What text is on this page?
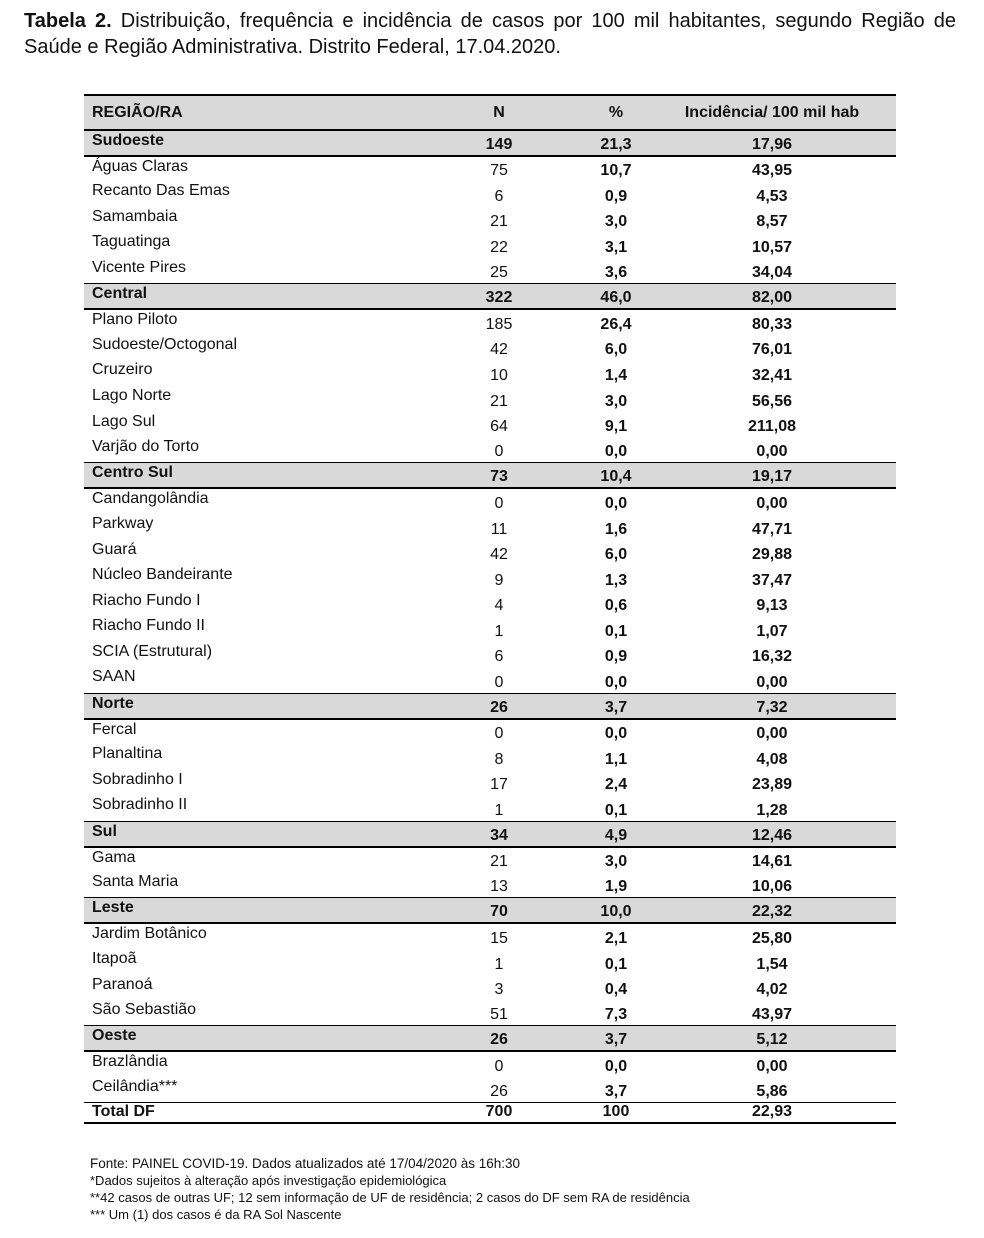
Tabela 2. Distribuição, frequência e incidência de casos por 100 mil habitantes, segundo Região de Saúde e Região Administrativa. Distrito Federal, 17.04.2020.

REGIÃO/RA	N	%	Incidência/ 100 mil hab
Sudoeste	149	21,3	17,96
Águas Claras	75	10,7	43,95
Recanto Das Emas	6	0,9	4,53
Samambaia	21	3,0	8,57
Taguatinga	22	3,1	10,57
Vicente Pires	25	3,6	34,04
Central	322	46,0	82,00
Plano Piloto	185	26,4	80,33
Sudoeste/Octogonal	42	6,0	76,01
Cruzeiro	10	1,4	32,41
Lago Norte	21	3,0	56,56
Lago Sul	64	9,1	211,08
Varjão do Torto	0	0,0	0,00
Centro Sul	73	10,4	19,17
Candangolândia	0	0,0	0,00
Parkway	11	1,6	47,71
Guará	42	6,0	29,88
Núcleo Bandeirante	9	1,3	37,47
Riacho Fundo I	4	0,6	9,13
Riacho Fundo II	1	0,1	1,07
SCIA (Estrutural)	6	0,9	16,32
SAAN	0	0,0	0,00
Norte	26	3,7	7,32
Fercal	0	0,0	0,00
Planaltina	8	1,1	4,08
Sobradinho I	17	2,4	23,89
Sobradinho II	1	0,1	1,28
Sul	34	4,9	12,46
Gama	21	3,0	14,61
Santa Maria	13	1,9	10,06
Leste	70	10,0	22,32
Jardim Botânico	15	2,1	25,80
Itapoã	1	0,1	1,54
Paranoá	3	0,4	4,02
São Sebastião	51	7,3	43,97
Oeste	26	3,7	5,12
Brazlândia	0	0,0	0,00
Ceilândia***	26	3,7	5,86
Total DF	700	100	22,93
Fonte: PAINEL COVID-19. Dados atualizados até 17/04/2020 às 16h:30
*Dados sujeitos à alteração após investigação epidemiológica
**42 casos de outras UF; 12 sem informação de UF de residência; 2 casos do DF sem RA de residência
*** Um (1) dos casos é da RA Sol Nascente
